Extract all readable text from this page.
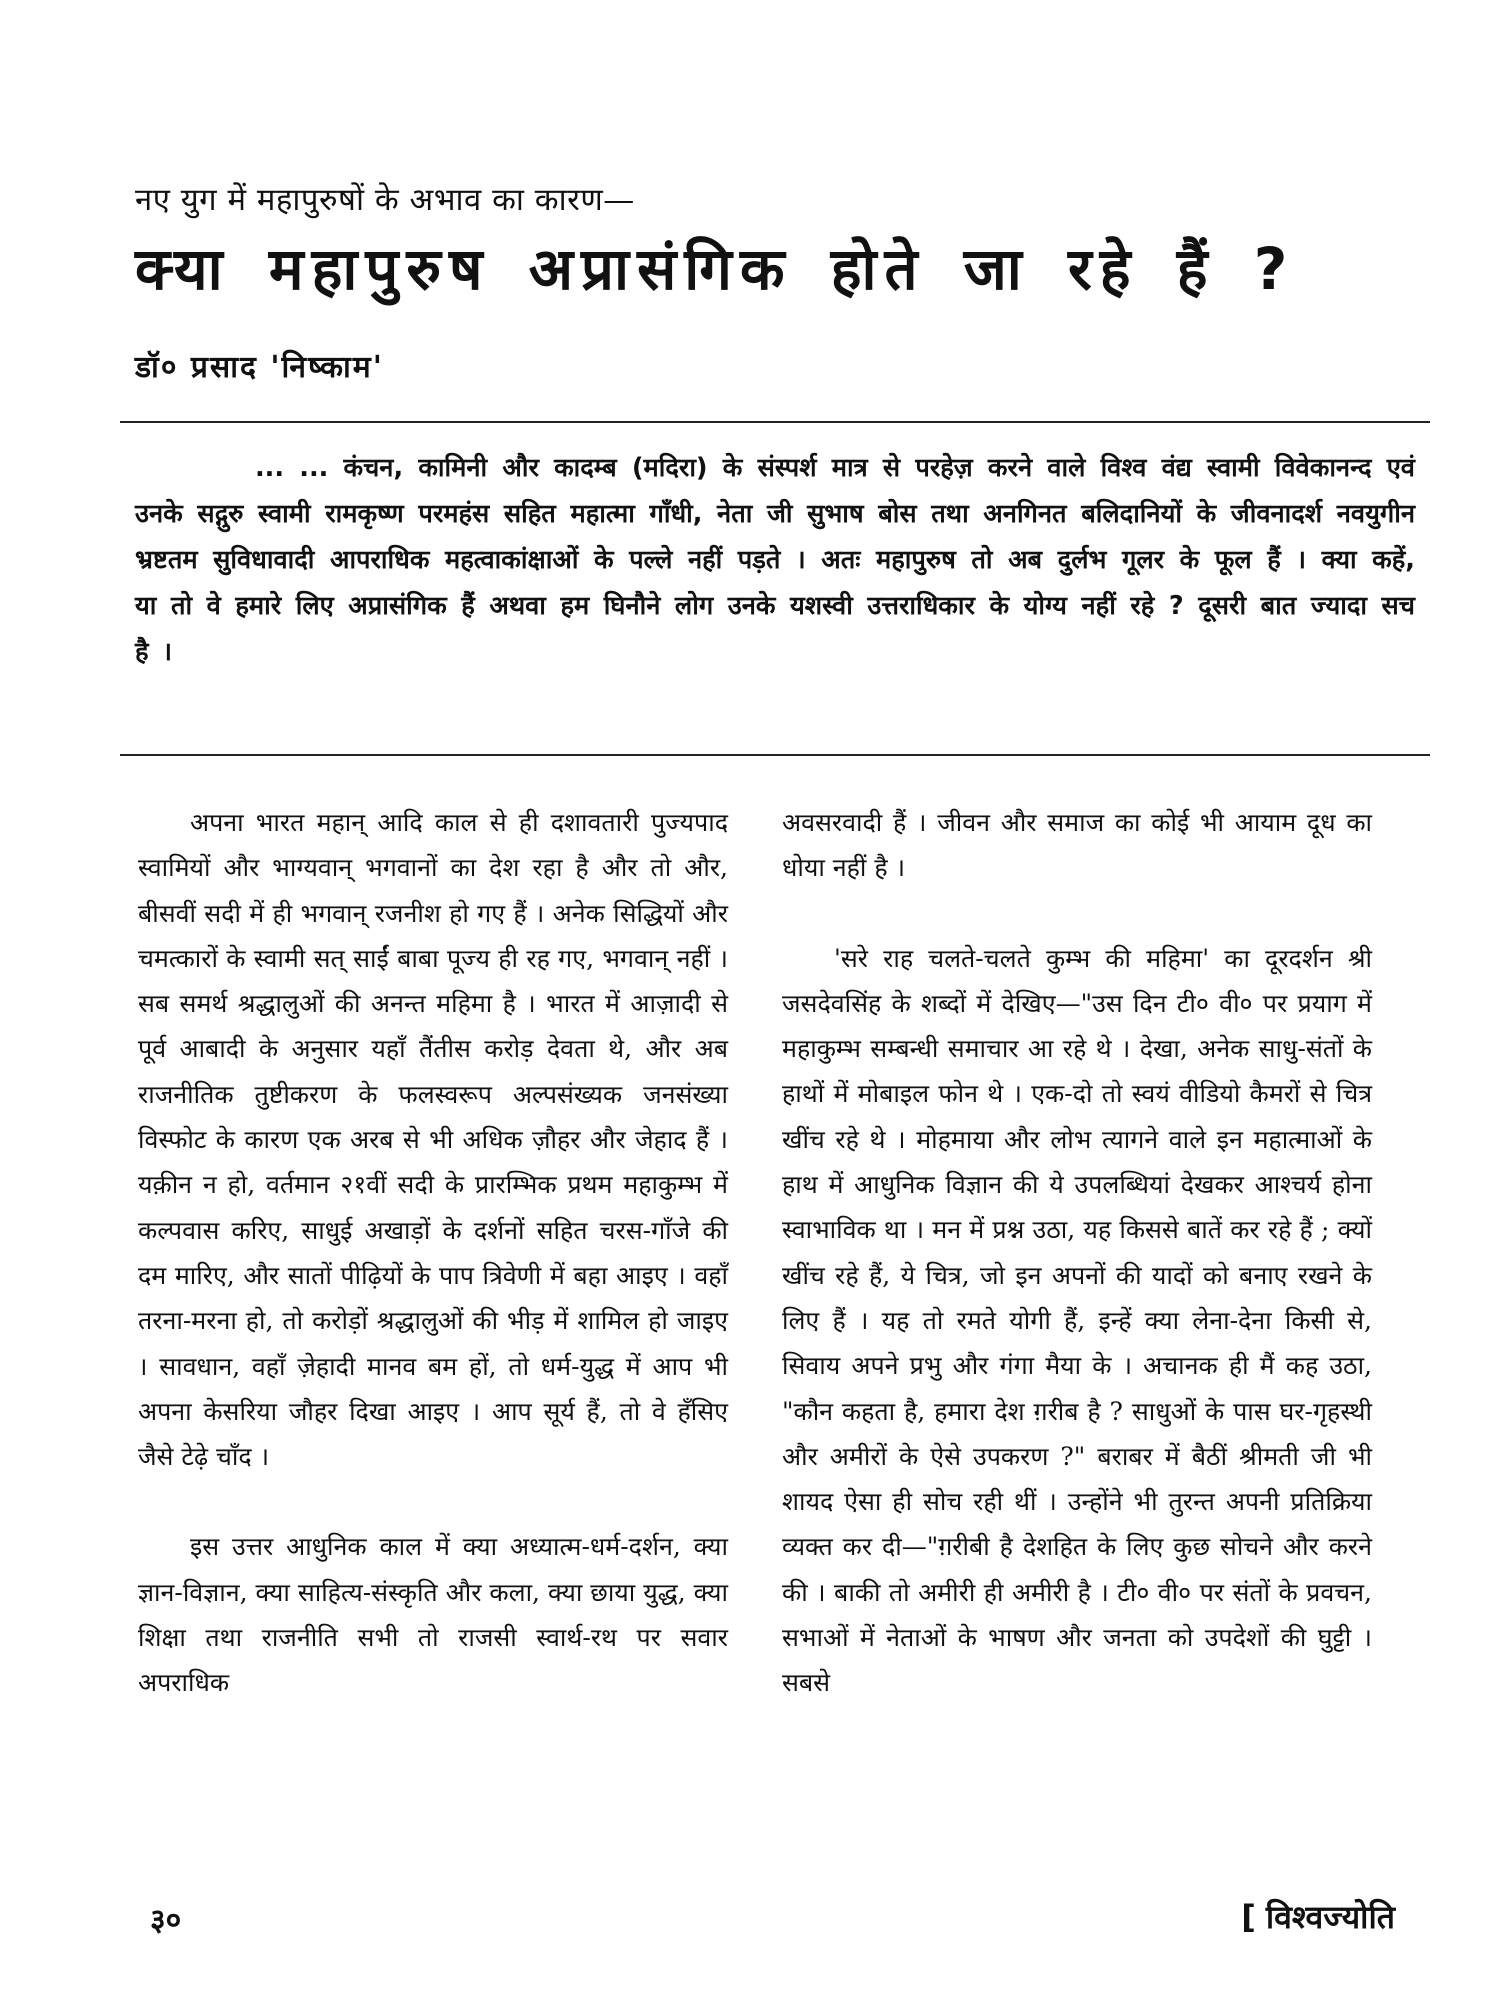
नए युग में महापुरुषों के अभाव का कारण—
क्या महापुरुष अप्रासंगिक होते जा रहे हैं ?
डॉ० प्रसाद 'निष्काम'

... ... कंचन, कामिनी और कादम्ब (मदिरा) के संस्पर्श मात्र से परहेज़ करने वाले विश्व वंद्य स्वामी विवेकानन्द एवं उनके सद्गुरु स्वामी रामकृष्ण परमहंस सहित महात्मा गाँधी, नेता जी सुभाष बोस तथा अनगिनत बलिदानियों के जीवनादर्श नवयुगीन भ्रष्टतम सुविधावादी आपराधिक महत्वाकांक्षाओं के पल्ले नहीं पड़ते । अतः महापुरुष तो अब दुर्लभ गूलर के फूल हैं । क्या कहें, या तो वे हमारे लिए अप्रासंगिक हैं अथवा हम घिनौने लोग उनके यशस्वी उत्तराधिकार के योग्य नहीं रहे ? दूसरी बात ज्यादा सच है ।

अपना भारत महान् आदि काल से ही दशावतारी पुज्यपाद स्वामियों और भाग्यवान् भगवानों का देश रहा है और तो और, बीसवीं सदी में ही भगवान् रजनीश हो गए हैं । अनेक सिद्धियों और चमत्कारों के स्वामी सत् साईं बाबा पूज्य ही रह गए, भगवान् नहीं । सब समर्थ श्रद्धालुओं की अनन्त महिमा है । भारत में आज़ादी से पूर्व आबादी के अनुसार यहाँ तैंतीस करोड़ देवता थे, और अब राजनीतिक तुष्टीकरण के फलस्वरूप अल्पसंख्यक जनसंख्या विस्फोट के कारण एक अरब से भी अधिक ज़ौहर और जेहाद हैं । यक़ीन न हो, वर्तमान २१वीं सदी के प्रारम्भिक प्रथम महाकुम्भ में कल्पवास करिए, साधुई अखाड़ों के दर्शनों सहित चरस-गाँजे की दम मारिए, और सातों पीढ़ियों के पाप त्रिवेणी में बहा आइए । वहाँ तरना-मरना हो, तो करोड़ों श्रद्धालुओं की भीड़ में शामिल हो जाइए । सावधान, वहाँ ज़ेहादी मानव बम हों, तो धर्म-युद्ध में आप भी अपना केसरिया जौहर दिखा आइए । आप सूर्य हैं, तो वे हँसिए जैसे टेढ़े चाँद ।

इस उत्तर आधुनिक काल में क्या अध्यात्म-धर्म-दर्शन, क्या ज्ञान-विज्ञान, क्या साहित्य-संस्कृति और कला, क्या छाया युद्ध, क्या शिक्षा तथा राजनीति सभी तो राजसी स्वार्थ-रथ पर सवार अपराधिक

अवसरवादी हैं । जीवन और समाज का कोई भी आयाम दूध का धोया नहीं है ।

'सरे राह चलते-चलते कुम्भ की महिमा' का दूरदर्शन श्री जसदेवसिंह के शब्दों में देखिए—"उस दिन टी० वी० पर प्रयाग में महाकुम्भ सम्बन्धी समाचार आ रहे थे । देखा, अनेक साधु-संतों के हाथों में मोबाइल फोन थे । एक-दो तो स्वयं वीडियो कैमरों से चित्र खींच रहे थे । मोहमाया और लोभ त्यागने वाले इन महात्माओं के हाथ में आधुनिक विज्ञान की ये उपलब्धियां देखकर आश्चर्य होना स्वाभाविक था । मन में प्रश्न उठा, यह किससे बातें कर रहे हैं ; क्यों खींच रहे हैं, ये चित्र, जो इन अपनों की यादों को बनाए रखने के लिए हैं । यह तो रमते योगी हैं, इन्हें क्या लेना-देना किसी से, सिवाय अपने प्रभु और गंगा मैया के । अचानक ही मैं कह उठा, "कौन कहता है, हमारा देश ग़रीब है ? साधुओं के पास घर-गृहस्थी और अमीरों के ऐसे उपकरण ?" बराबर में बैठीं श्रीमती जी भी शायद ऐसा ही सोच रही थीं । उन्होंने भी तुरन्त अपनी प्रतिक्रिया व्यक्त कर दी—"ग़रीबी है देशहित के लिए कुछ सोचने और करने की । बाकी तो अमीरी ही अमीरी है । टी० वी० पर संतों के प्रवचन, सभाओं में नेताओं के भाषण और जनता को उपदेशों की घुट्टी । सबसे

३०	[ विश्वज्योति
